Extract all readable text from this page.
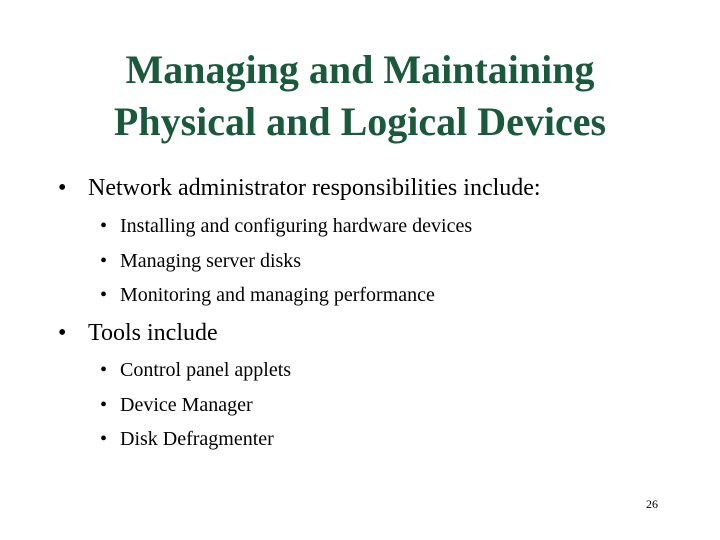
Managing and Maintaining
Physical and Logical Devices
• Network administrator responsibilities include:
• Installing and configuring hardware devices
• Managing server disks
• Monitoring and managing performance
• Tools include
• Control panel applets
• Device Manager
• Disk Defragmenter
26
